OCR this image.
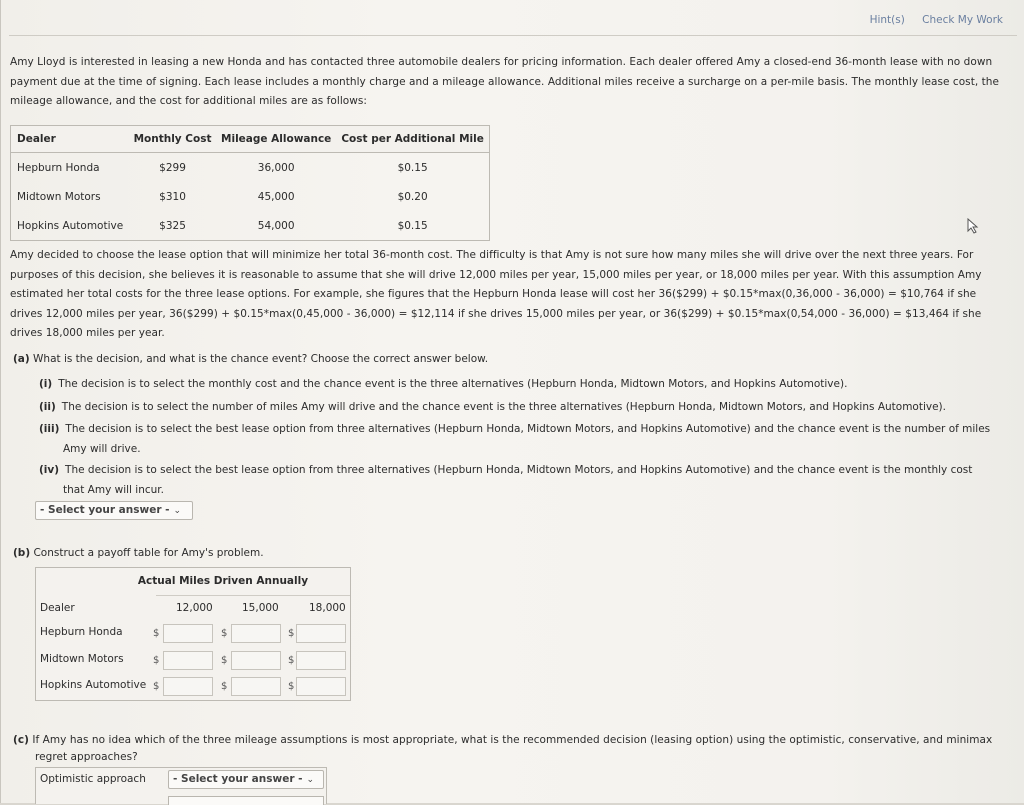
Hint(s) Check My Work
Amy Lloyd is interested in leasing a new Honda and has contacted three automobile dealers for pricing information. Each dealer offered Amy a closed-end 36-month lease with no down
payment due at the time of signing. Each lease includes a monthly charge and a mileage allowance. Additional miles receive a surcharge on a per-mile basis. The monthly lease cost, the
mileage allowance, and the cost for additional miles are as follows:
Dealer	Monthly Cost	Mileage Allowance	Cost per Additional Mile
Hepburn Honda	$299	36,000	$0.15
Midtown Motors	$310	45,000	$0.20
Hopkins Automotive	$325	54,000	$0.15
Amy decided to choose the lease option that will minimize her total 36-month cost. The difficulty is that Amy is not sure how many miles she will drive over the next three years. For
purposes of this decision, she believes it is reasonable to assume that she will drive 12,000 miles per year, 15,000 miles per year, or 18,000 miles per year. With this assumption Amy
estimated her total costs for the three lease options. For example, she figures that the Hepburn Honda lease will cost her 36($299) + $0.15*max(0,36,000 - 36,000) = $10,764 if she
drives 12,000 miles per year, 36($299) + $0.15*max(0,45,000 - 36,000) = $12,114 if she drives 15,000 miles per year, or 36($299) + $0.15*max(0,54,000 - 36,000) = $13,464 if she
drives 18,000 miles per year.
(a) What is the decision, and what is the chance event? Choose the correct answer below.
(i) The decision is to select the monthly cost and the chance event is the three alternatives (Hepburn Honda, Midtown Motors, and Hopkins Automotive).
(ii) The decision is to select the number of miles Amy will drive and the chance event is the three alternatives (Hepburn Honda, Midtown Motors, and Hopkins Automotive).
(iii) The decision is to select the best lease option from three alternatives (Hepburn Honda, Midtown Motors, and Hopkins Automotive) and the chance event is the number of miles
Amy will drive.
(iv) The decision is to select the best lease option from three alternatives (Hepburn Honda, Midtown Motors, and Hopkins Automotive) and the chance event is the monthly cost
that Amy will incur.
- Select your answer - ⌄
(b) Construct a payoff table for Amy's problem.
Actual Miles Driven Annually
Dealer	12,000	15,000	18,000
Hepburn Honda	$	$	$
Midtown Motors	$	$	$
Hopkins Automotive $	$	$
(c) If Amy has no idea which of the three mileage assumptions is most appropriate, what is the recommended decision (leasing option) using the optimistic, conservative, and minimax
regret approaches?
Optimistic approach	- Select your answer - ⌄
